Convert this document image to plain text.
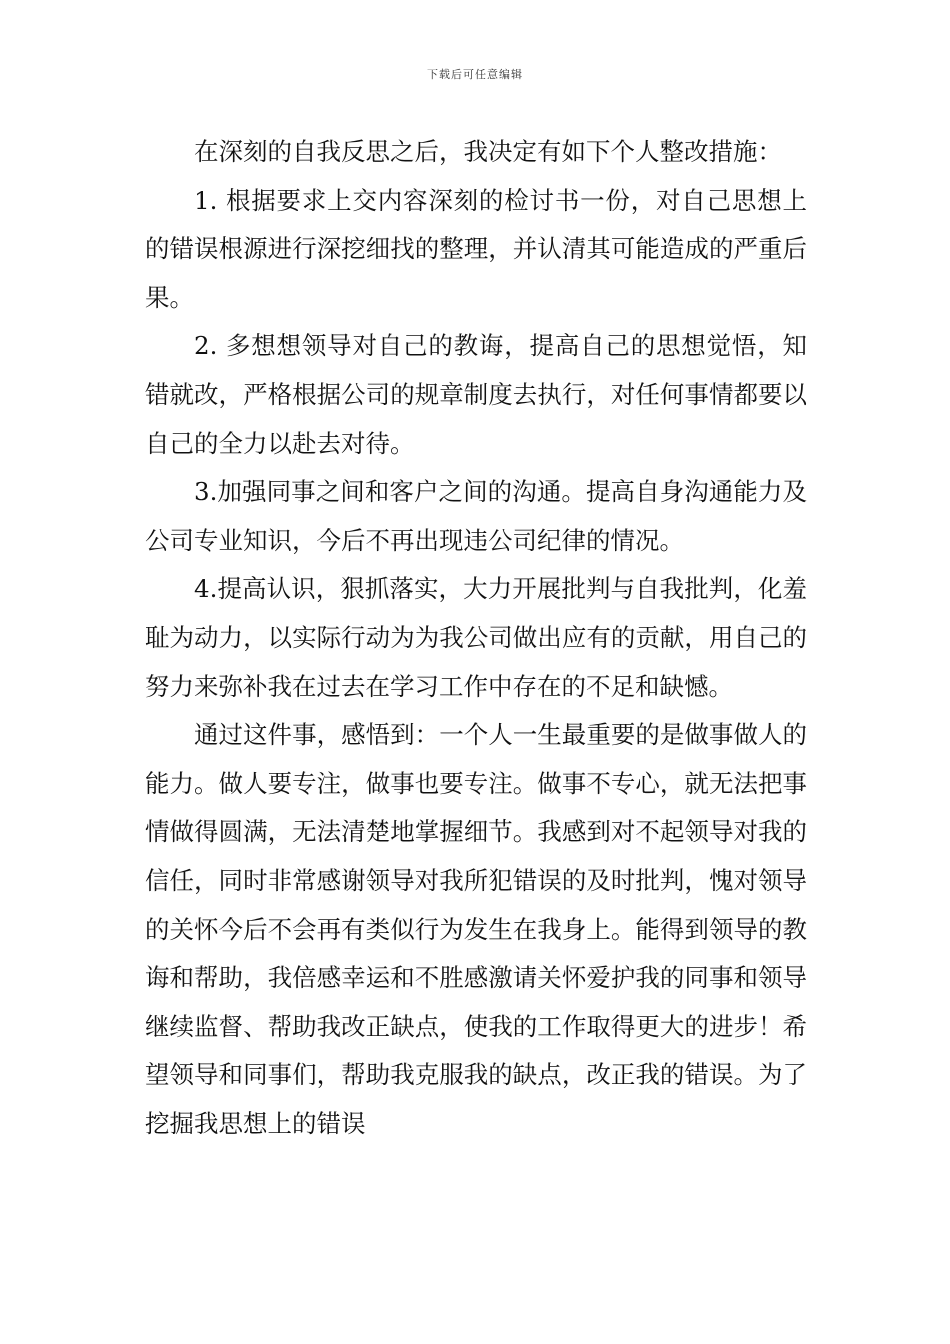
下载后可任意编辑

在深刻的自我反思之后，我决定有如下个人整改措施：

1. 根据要求上交内容深刻的检讨书一份，对自己思想上的错误根源进行深挖细找的整理，并认清其可能造成的严重后果。

2. 多想想领导对自己的教诲，提高自己的思想觉悟，知错就改，严格根据公司的规章制度去执行，对任何事情都要以自己的全力以赴去对待。

3.加强同事之间和客户之间的沟通。提高自身沟通能力及公司专业知识，今后不再出现违公司纪律的情况。

4.提高认识，狠抓落实，大力开展批判与自我批判，化羞耻为动力，以实际行动为为我公司做出应有的贡献，用自己的努力来弥补我在过去在学习工作中存在的不足和缺憾。

通过这件事，感悟到：一个人一生最重要的是做事做人的能力。做人要专注，做事也要专注。做事不专心，就无法把事情做得圆满，无法清楚地掌握细节。我感到对不起领导对我的信任，同时非常感谢领导对我所犯错误的及时批判，愧对领导的关怀今后不会再有类似行为发生在我身上。能得到领导的教诲和帮助，我倍感幸运和不胜感激请关怀爱护我的同事和领导继续监督、帮助我改正缺点，使我的工作取得更大的进步！希望领导和同事们，帮助我克服我的缺点，改正我的错误。为了挖掘我思想上的错误
